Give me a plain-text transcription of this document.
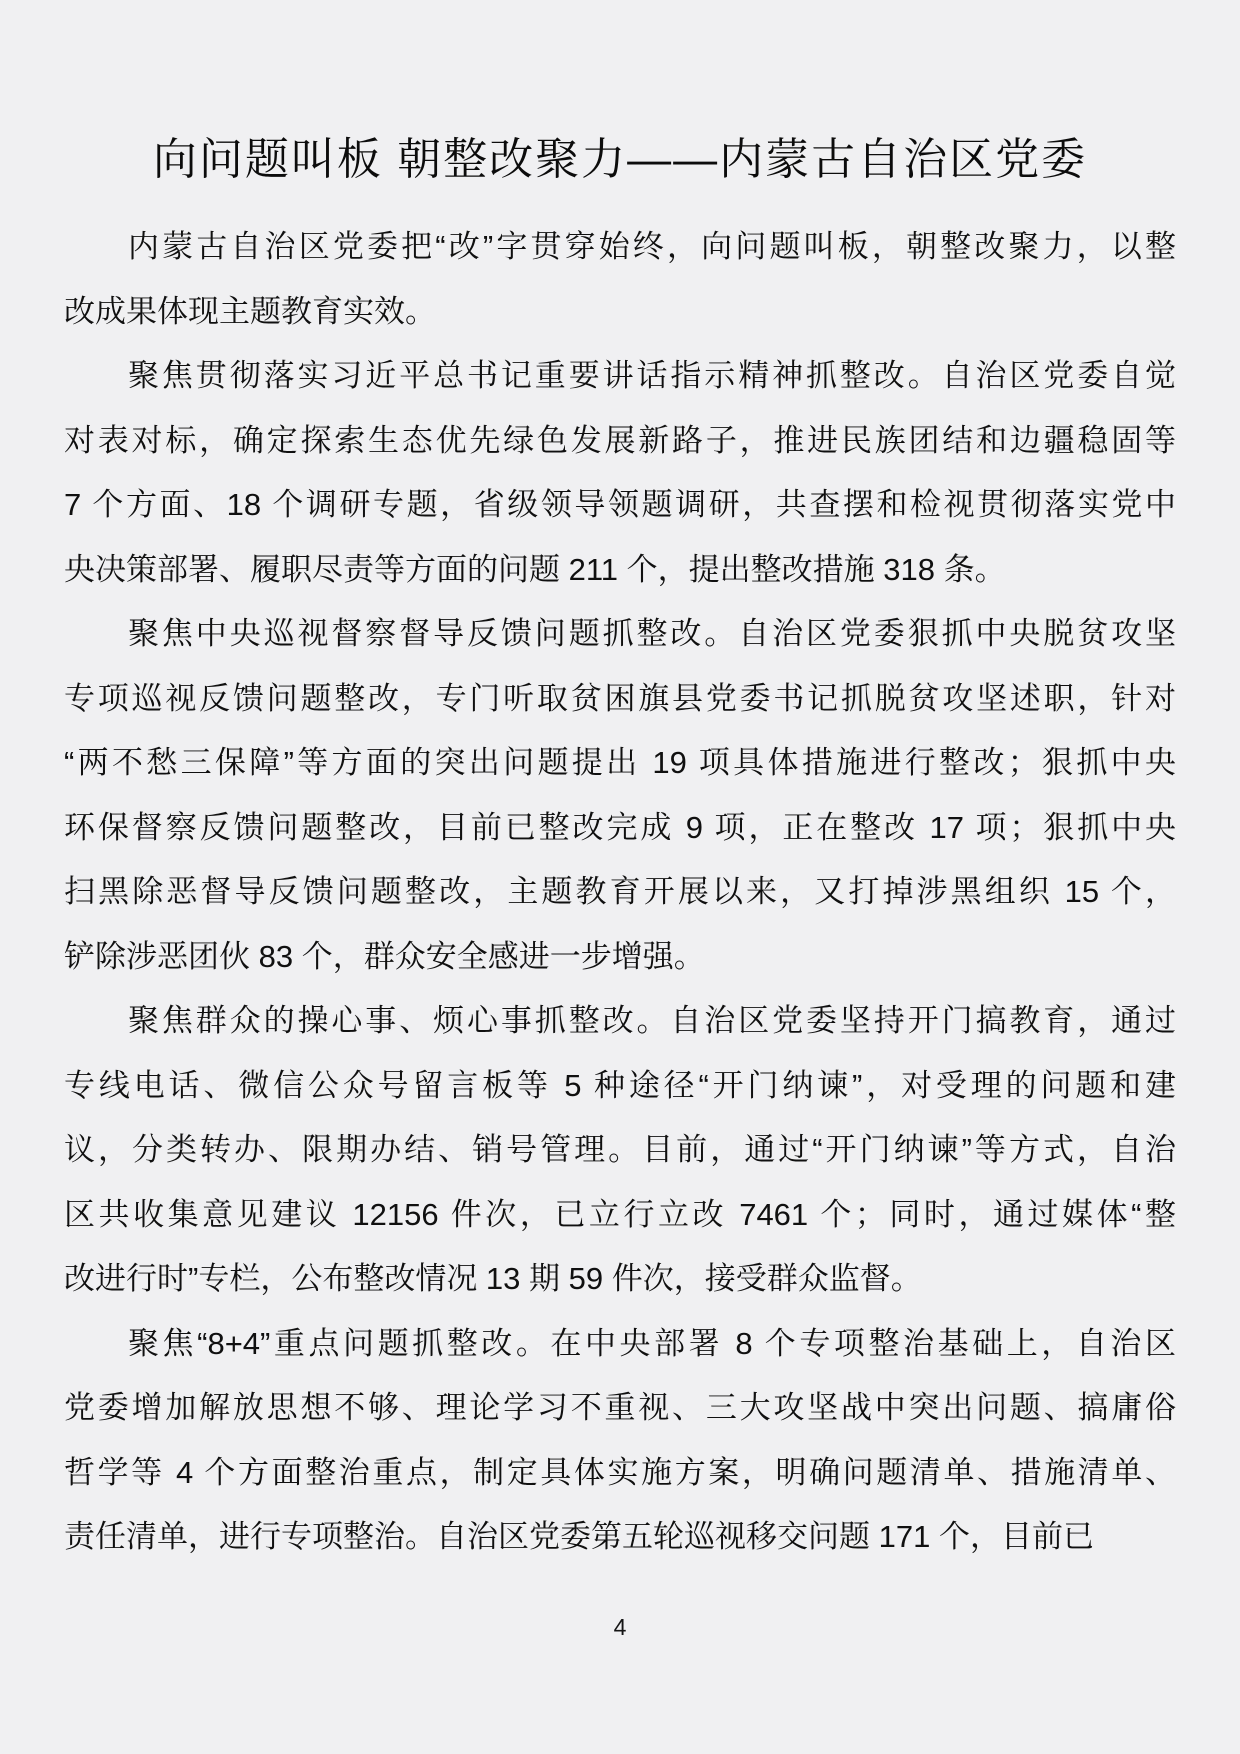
向问题叫板 朝整改聚力——内蒙古自治区党委

内蒙古自治区党委把“改”字贯穿始终，向问题叫板，朝整改聚力，以整
改成果体现主题教育实效。

聚焦贯彻落实习近平总书记重要讲话指示精神抓整改。自治区党委自觉
对表对标，确定探索生态优先绿色发展新路子，推进民族团结和边疆稳固等
7 个方面、18 个调研专题，省级领导领题调研，共查摆和检视贯彻落实党中
央决策部署、履职尽责等方面的问题 211 个，提出整改措施 318 条。

聚焦中央巡视督察督导反馈问题抓整改。自治区党委狠抓中央脱贫攻坚
专项巡视反馈问题整改，专门听取贫困旗县党委书记抓脱贫攻坚述职，针对
“两不愁三保障”等方面的突出问题提出 19 项具体措施进行整改；狠抓中央
环保督察反馈问题整改，目前已整改完成 9 项，正在整改 17 项；狠抓中央
扫黑除恶督导反馈问题整改，主题教育开展以来，又打掉涉黑组织 15 个，
铲除涉恶团伙 83 个，群众安全感进一步增强。

聚焦群众的操心事、烦心事抓整改。自治区党委坚持开门搞教育，通过
专线电话、微信公众号留言板等 5 种途径“开门纳谏”，对受理的问题和建
议，分类转办、限期办结、销号管理。目前，通过“开门纳谏”等方式，自治
区共收集意见建议 12156 件次，已立行立改 7461 个；同时，通过媒体“整
改进行时”专栏，公布整改情况 13 期 59 件次，接受群众监督。

聚焦“8+4”重点问题抓整改。在中央部署 8 个专项整治基础上，自治区
党委增加解放思想不够、理论学习不重视、三大攻坚战中突出问题、搞庸俗
哲学等 4 个方面整治重点，制定具体实施方案，明确问题清单、措施清单、
责任清单，进行专项整治。自治区党委第五轮巡视移交问题 171 个，目前已

4
